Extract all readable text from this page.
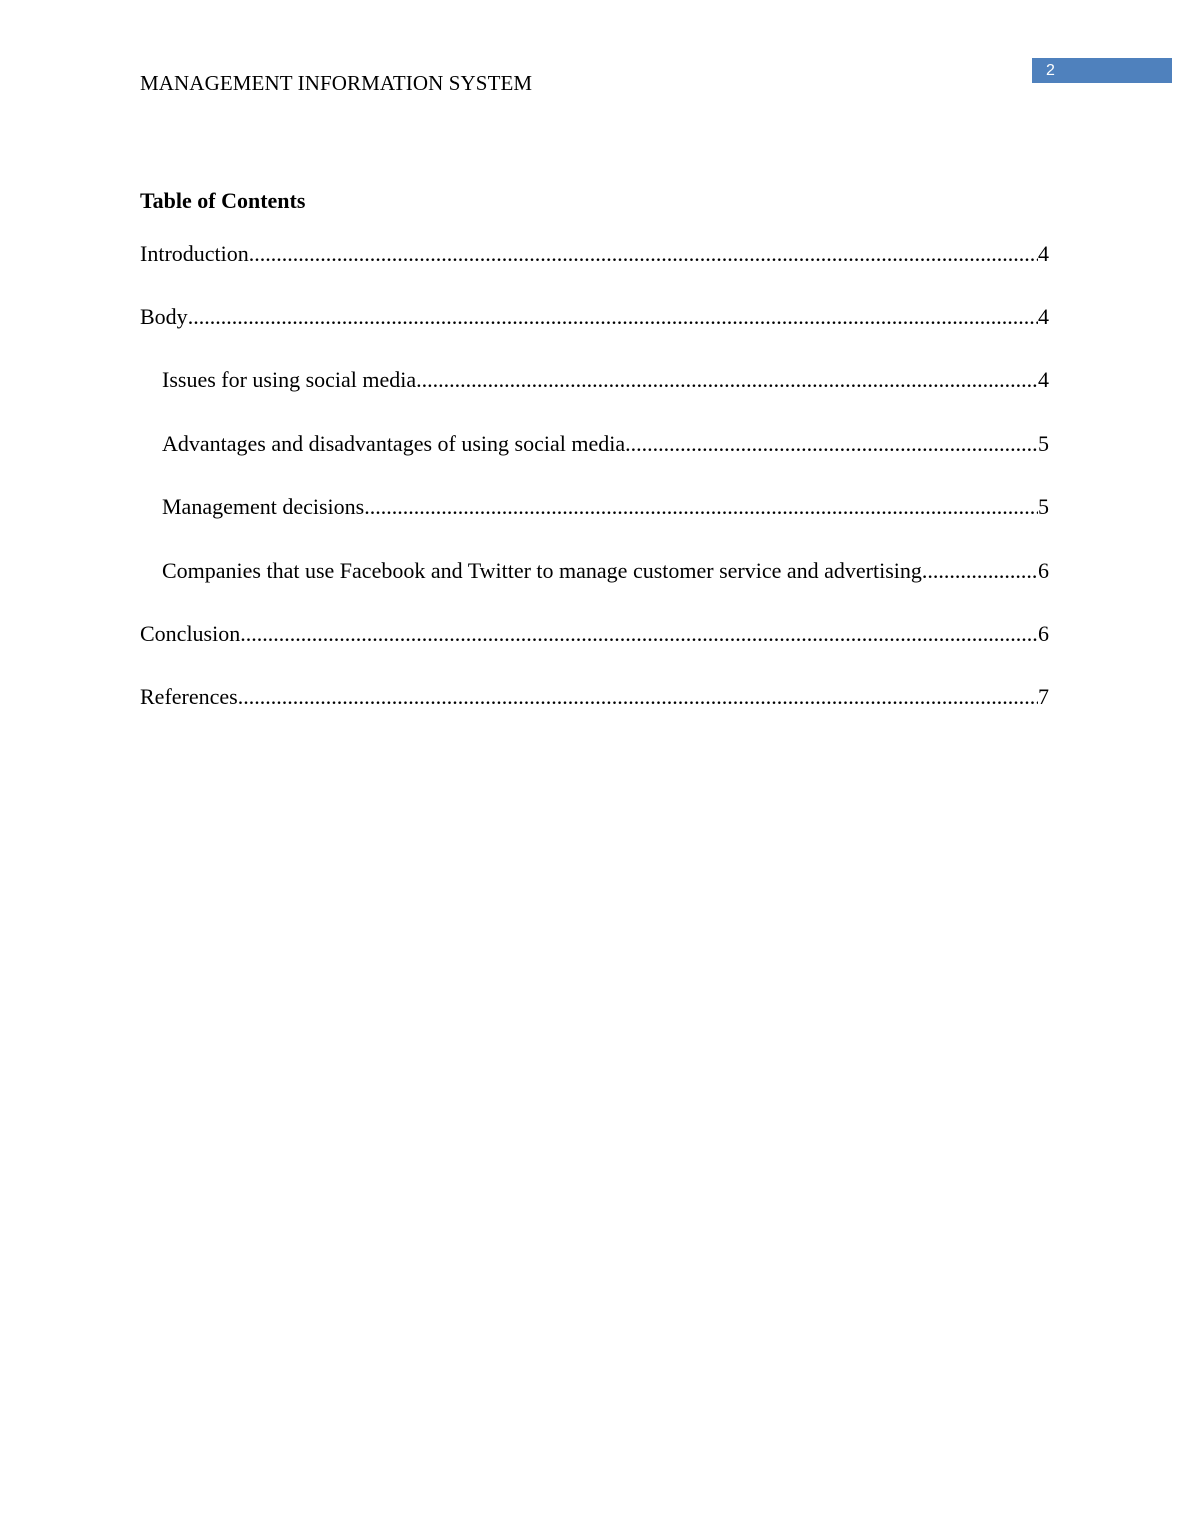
2
MANAGEMENT INFORMATION SYSTEM
Table of Contents
Introduction .....	4
Body .....	4
Issues for using social media .....	4
Advantages and disadvantages of using social media .....	5
Management decisions .....	5
Companies that use Facebook and Twitter to manage customer service and advertising .....	6
Conclusion .....	6
References .....	7
